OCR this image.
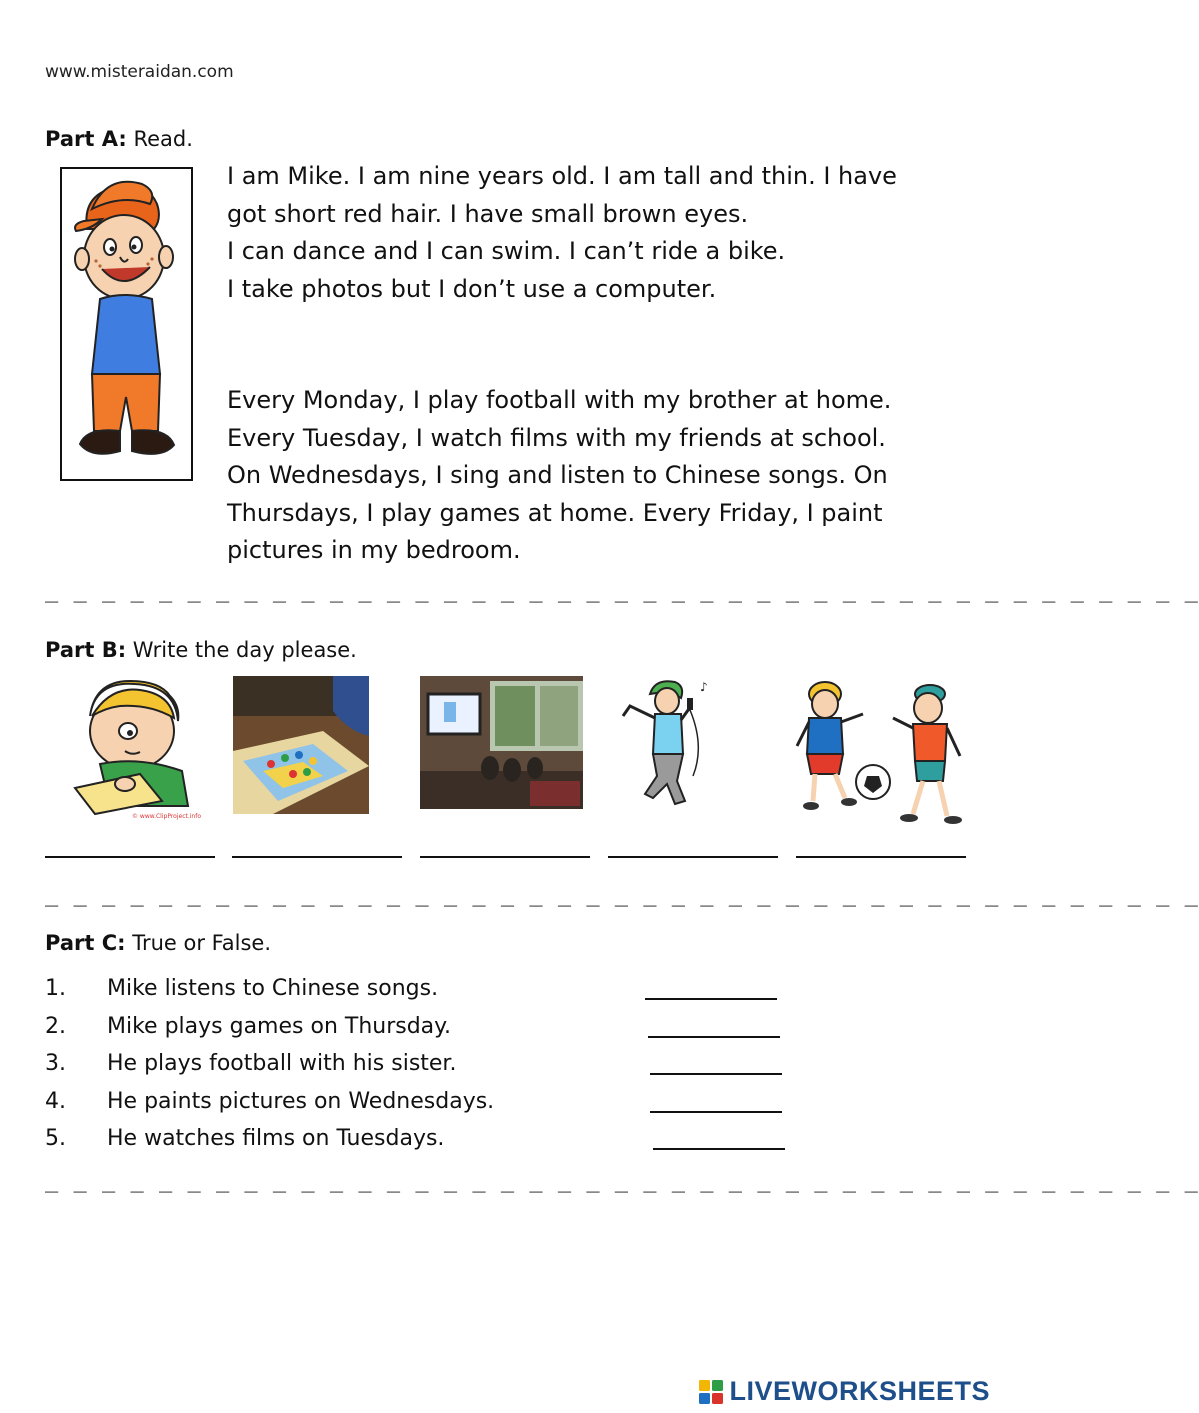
www.misteraidan.com
Part A: Read.

I am Mike. I am nine years old. I am tall and thin. I have

got short red hair. I have small brown eyes.

I can dance and I can swim. I can’t ride a bike.

I take photos but I don’t use a computer.

Every Monday, I play football with my brother at home.

Every Tuesday, I watch films with my friends at school.

On Wednesdays, I sing and listen to Chinese songs. On

Thursdays, I play games at home. Every Friday, I paint

pictures in my bedroom.

_ _ _ _ _ _ _ _ _ _ _ _ _ _ _ _ _ _ _ _ _ _ _ _ _ _ _ _ _ _ _ _ _ _ _ _ _ _ _ _ _
Part B: Write the day please.
© www.ClipProject.info
♪
_ _ _ _ _ _ _ _ _ _ _ _ _ _ _ _ _ _ _ _ _ _ _ _ _ _ _ _ _ _ _ _ _ _ _ _ _ _ _ _ _
Part C: True or False.
1. Mike listens to Chinese songs.
2. Mike plays games on Thursday.
3. He plays football with his sister.
4. He paints pictures on Wednesdays.
5. He watches films on Tuesdays.
_ _ _ _ _ _ _ _ _ _ _ _ _ _ _ _ _ _ _ _ _ _ _ _ _ _ _ _ _ _ _ _ _ _ _ _ _ _ _ _ _
LIVEWORKSHEETS
